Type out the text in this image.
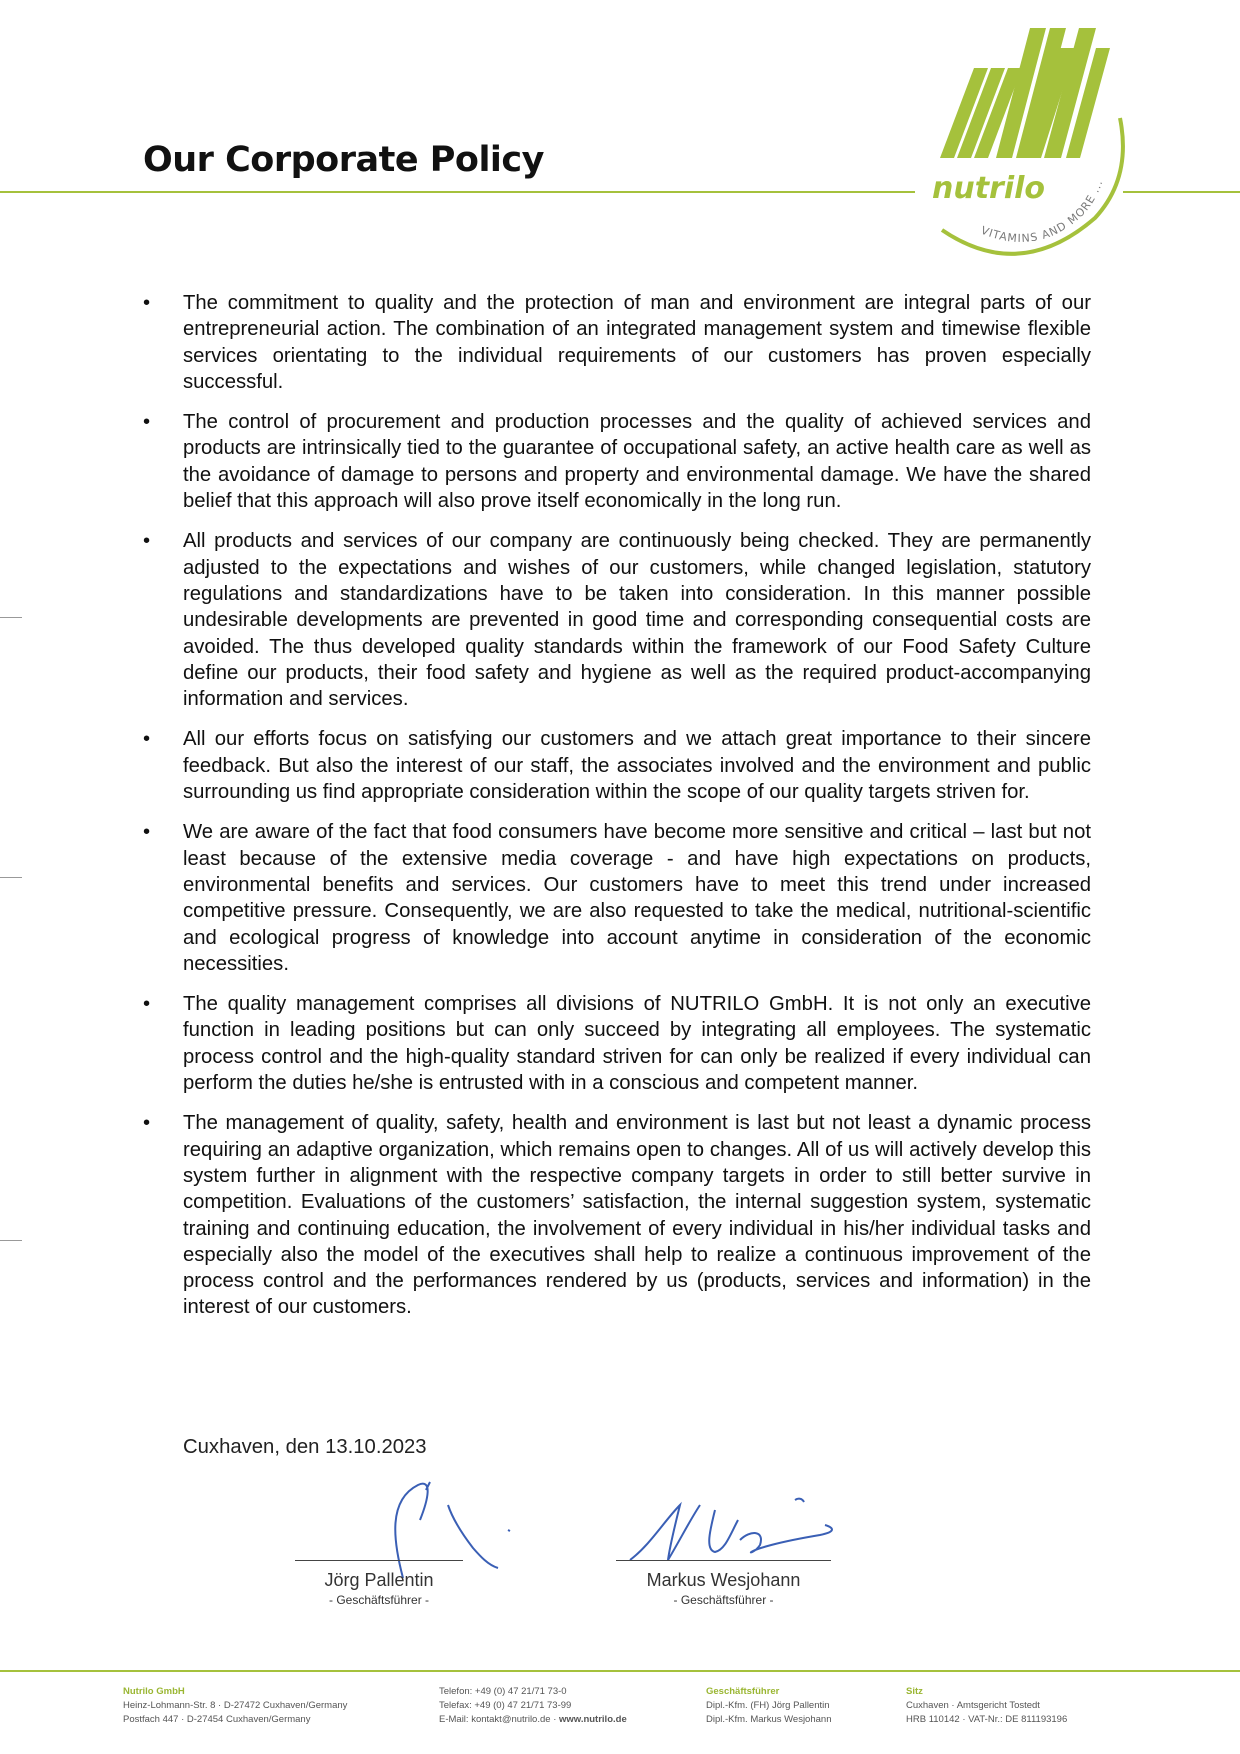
Our Corporate Policy
nutrilo
VITAMINS AND MORE ...
•	The commitment to quality and the protection of man and environment are integral parts of our entrepreneurial action. The combination of an integrated management system and timewise flexible services orientating to the individual requirements of our customers has proven especially successful.
•	The control of procurement and production processes and the quality of achieved services and products are intrinsically tied to the guarantee of occupational safety, an active health care as well as the avoidance of damage to persons and property and environmental damage. We have the shared belief that this approach will also prove itself economically in the long run.
•	All products and services of our company are continuously being checked. They are permanently adjusted to the expectations and wishes of our customers, while changed legislation, statutory regulations and standardizations have to be taken into consideration. In this manner possible undesirable developments are prevented in good time and corresponding consequential costs are avoided. The thus developed quality standards within the framework of our Food Safety Culture define our products, their food safety and hygiene as well as the required product-accompanying information and services.
•	All our efforts focus on satisfying our customers and we attach great importance to their sincere feedback. But also the interest of our staff, the associates involved and the environment and public surrounding us find appropriate consideration within the scope of our quality targets striven for.
•	We are aware of the fact that food consumers have become more sensitive and critical – last but not least because of the extensive media coverage - and have high expectations on products, environmental benefits and services. Our customers have to meet this trend under increased competitive pressure. Consequently, we are also requested to take the medical, nutritional-scientific and ecological progress of knowledge into account anytime in consideration of the economic necessities.
•	The quality management comprises all divisions of NUTRILO GmbH. It is not only an executive function in leading positions but can only succeed by integrating all employees. The systematic process control and the high-quality standard striven for can only be realized if every individual can perform the duties he/she is entrusted with in a conscious and competent manner.
•	The management of quality, safety, health and environment is last but not least a dynamic process requiring an adaptive organization, which remains open to changes. All of us will actively develop this system further in alignment with the respective company targets in order to still better survive in competition. Evaluations of the customers’ satisfaction, the internal suggestion system, systematic training and continuing education, the involvement of every individual in his/her individual tasks and especially also the model of the executives shall help to realize a continuous improvement of the process control and the performances rendered by us (products, services and information) in the interest of our customers.
Cuxhaven, den 13.10.2023
Jörg Pallentin
- Geschäftsführer -
Markus Wesjohann
- Geschäftsführer -
Nutrilo GmbH
Heinz-Lohmann-Str. 8 · D-27472 Cuxhaven/Germany
Postfach 447 · D-27454 Cuxhaven/Germany
Telefon: +49 (0) 47 21/71 73-0
Telefax: +49 (0) 47 21/71 73-99
E-Mail: kontakt@nutrilo.de · www.nutrilo.de
Geschäftsführer
Dipl.-Kfm. (FH) Jörg Pallentin
Dipl.-Kfm. Markus Wesjohann
Sitz
Cuxhaven · Amtsgericht Tostedt
HRB 110142 · VAT-Nr.: DE 811193196
